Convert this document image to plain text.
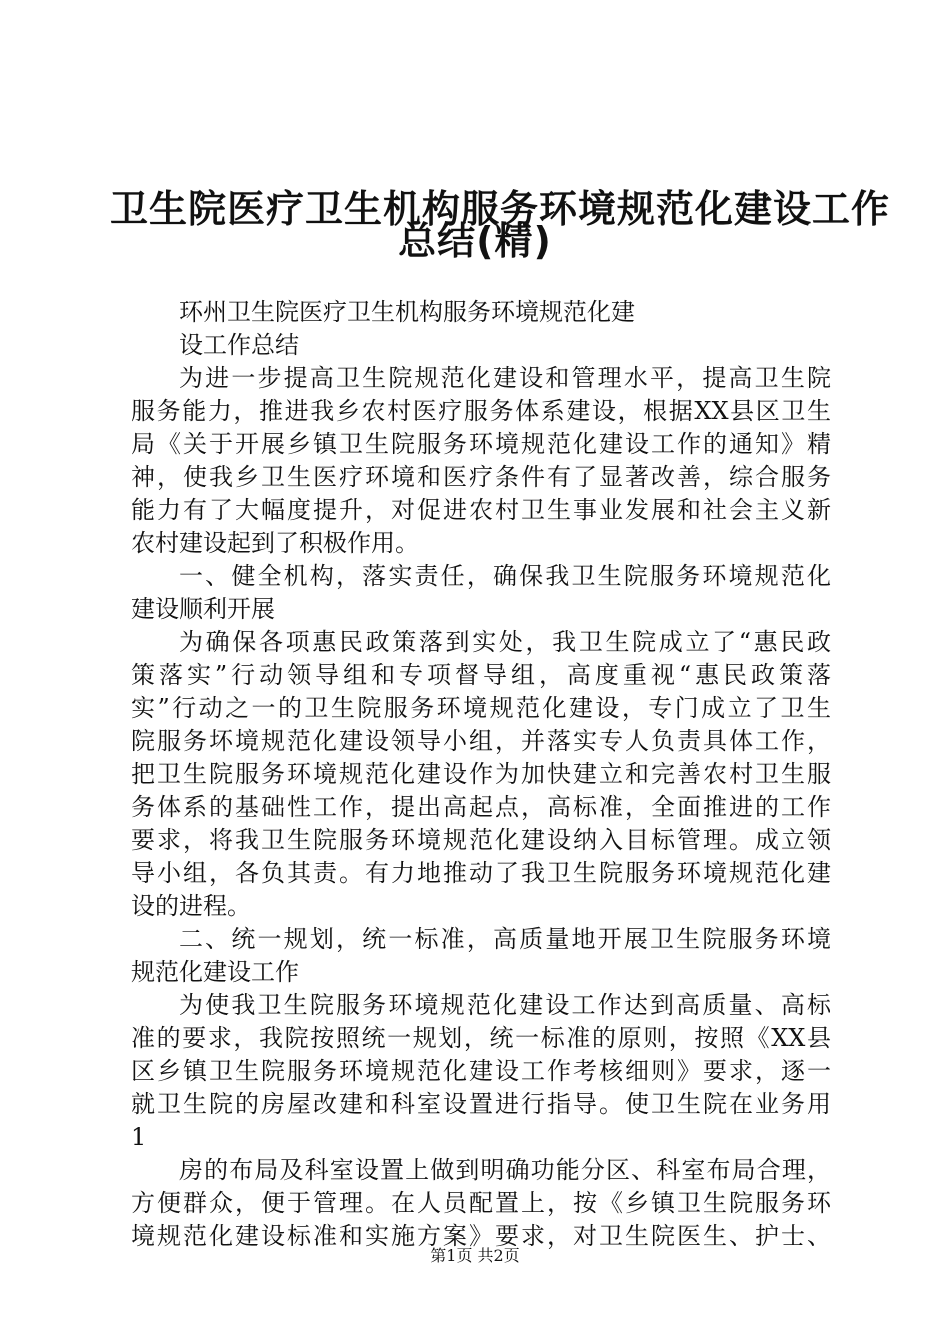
卫生院医疗卫生机构服务环境规范化建设工作
总结(精)
环州卫生院医疗卫生机构服务环境规范化建
设工作总结
为进一步提高卫生院规范化建设和管理水平，提高卫生院
服务能力，推进我乡农村医疗服务体系建设，根据XX县区卫生
局《关于开展乡镇卫生院服务环境规范化建设工作的通知》精
神，使我乡卫生医疗环境和医疗条件有了显著改善，综合服务
能力有了大幅度提升，对促进农村卫生事业发展和社会主义新
农村建设起到了积极作用。
一、健全机构，落实责任，确保我卫生院服务环境规范化
建设顺利开展
为确保各项惠民政策落到实处，我卫生院成立了“惠民政
策落实”行动领导组和专项督导组，高度重视“惠民政策落
实”行动之一的卫生院服务环境规范化建设，专门成立了卫生
院服务坏境规范化建设领导小组，并落实专人负责具体工作，
把卫生院服务环境规范化建设作为加快建立和完善农村卫生服
务体系的基础性工作，提出高起点，高标准，全面推进的工作
要求，将我卫生院服务环境规范化建设纳入目标管理。成立领
导小组，各负其责。有力地推动了我卫生院服务环境规范化建
设的进程。
二、统一规划，统一标准，高质量地开展卫生院服务环境
规范化建设工作
为使我卫生院服务环境规范化建设工作达到高质量、高标
准的要求，我院按照统一规划，统一标准的原则，按照《XX县
区乡镇卫生院服务环境规范化建设工作考核细则》要求，逐一
就卫生院的房屋改建和科室设置进行指导。使卫生院在业务用
1
房的布局及科室设置上做到明确功能分区、科室布局合理，
方便群众，便于管理。在人员配置上，按《乡镇卫生院服务环
境规范化建设标准和实施方案》要求，对卫生院医生、护士、
第1页 共2页
